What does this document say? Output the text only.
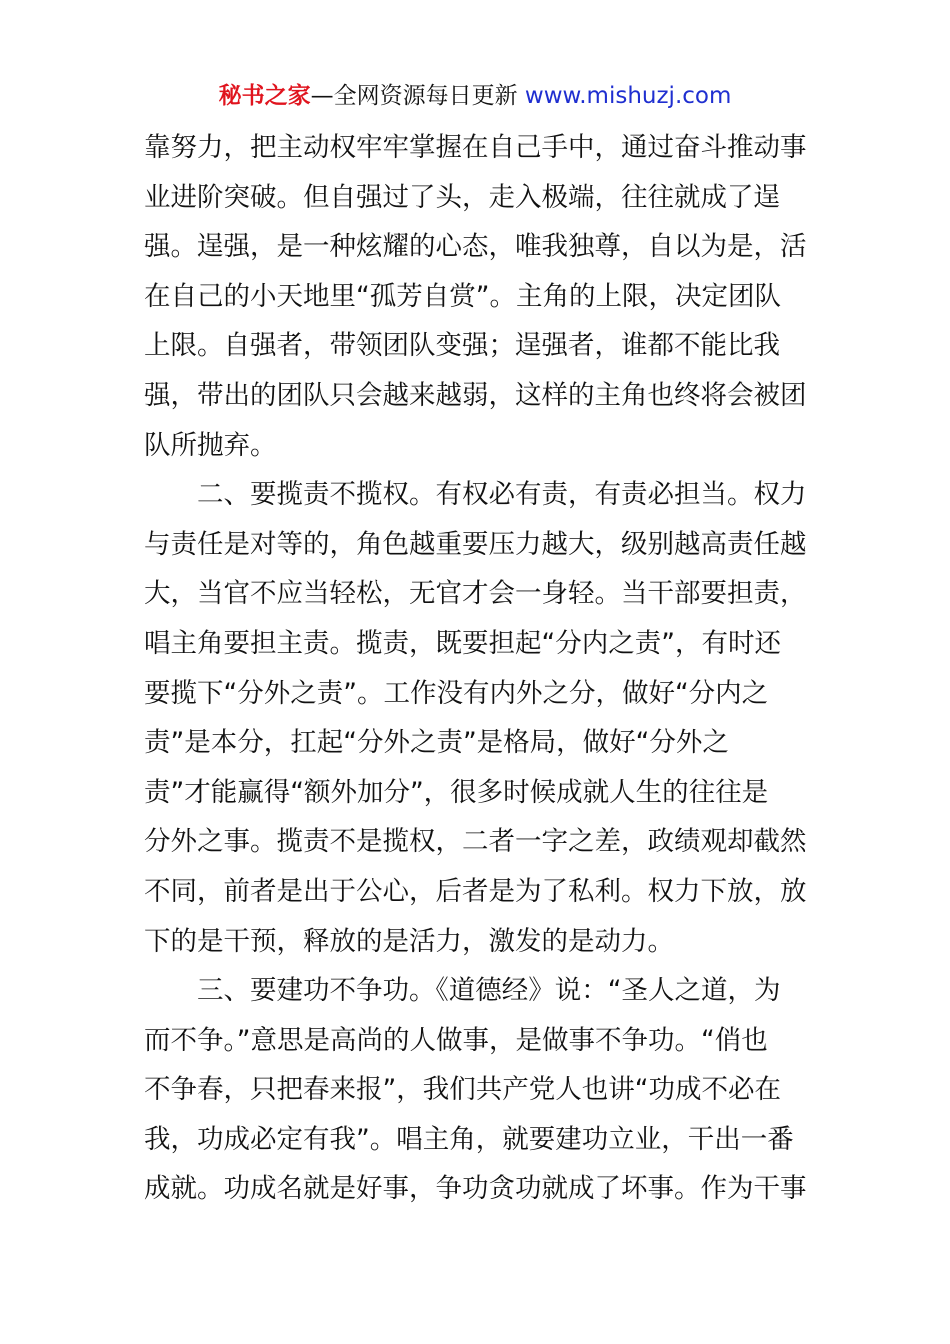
秘书之家—全网资源每日更新 www.mishuzj.com
靠努力，把主动权牢牢掌握在自己手中，通过奋斗推动事
业进阶突破。但自强过了头，走入极端，往往就成了逞
强。逞强，是一种炫耀的心态，唯我独尊，自以为是，活
在自己的小天地里“孤芳自赏”。主角的上限，决定团队
上限。自强者，带领团队变强；逞强者，谁都不能比我
强，带出的团队只会越来越弱，这样的主角也终将会被团
队所抛弃。
二、要揽责不揽权。有权必有责，有责必担当。权力
与责任是对等的，角色越重要压力越大，级别越高责任越
大，当官不应当轻松，无官才会一身轻。当干部要担责，
唱主角要担主责。揽责，既要担起“分内之责”，有时还
要揽下“分外之责”。工作没有内外之分，做好“分内之
责”是本分，扛起“分外之责”是格局，做好“分外之
责”才能赢得“额外加分”，很多时候成就人生的往往是
分外之事。揽责不是揽权，二者一字之差，政绩观却截然
不同，前者是出于公心，后者是为了私利。权力下放，放
下的是干预，释放的是活力，激发的是动力。
三、要建功不争功。《道德经》说：“圣人之道，为
而不争。”意思是高尚的人做事，是做事不争功。“俏也
不争春，只把春来报”，我们共产党人也讲“功成不必在
我，功成必定有我”。唱主角，就要建功立业，干出一番
成就。功成名就是好事，争功贪功就成了坏事。作为干事
